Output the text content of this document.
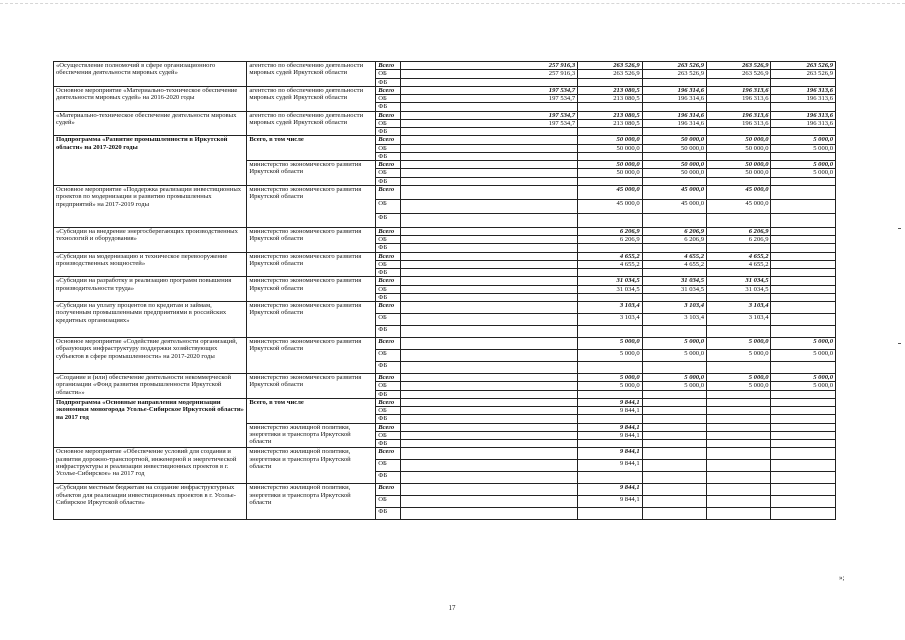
«Осуществление полномочий в сфере организационного обеспечения деятельности мировых судей»	агентство по обеспечению деятельности мировых судей Иркутской области	Всего	257 916,3	263 526,9	263 526,9	263 526,9	263 526,9
		ОБ	257 916,3	263 526,9	263 526,9	263 526,9	263 526,9
		ФБ					
Основное мероприятие «Материально-техническое обеспечение деятельности мировых судей» на 2016-2020 годы	агентство по обеспечению деятельности мировых судей Иркутской области	Всего	197 534,7	213 080,5	196 314,6	196 313,6	196 313,6
		ОБ	197 534,7	213 080,5	196 314,6	196 313,6	196 313,6
		ФБ					
«Материально-техническое обеспечение деятельности мировых судей»	агентство по обеспечению деятельности мировых судей Иркутской области	Всего	197 534,7	213 080,5	196 314,6	196 313,6	196 313,6
		ОБ	197 534,7	213 080,5	196 314,6	196 313,6	196 313,6
		ФБ					
Подпрограмма «Развитие промышленности в Иркутской области» на 2017-2020 годы	Всего, в том числе	Всего		50 000,0	50 000,0	50 000,0	5 000,0
		ОБ		50 000,0	50 000,0	50 000,0	5 000,0
		ФБ					
	министерство экономического развития Иркутской области	Всего		50 000,0	50 000,0	50 000,0	5 000,0
		ОБ		50 000,0	50 000,0	50 000,0	5 000,0
		ФБ					
Основное мероприятие «Поддержка реализации инвестиционных проектов по модернизации и развитию промышленных предприятий» на 2017-2019 годы	министерство экономического развития Иркутской области	Всего		45 000,0	45 000,0	45 000,0	
		ОБ		45 000,0	45 000,0	45 000,0	
		ФБ					
«Субсидии на внедрение энергосберегающих производственных технологий и оборудования»	министерство экономического развития Иркутской области	Всего		6 206,9	6 206,9	6 206,9	
		ОБ		6 206,9	6 206,9	6 206,9	
		ФБ					
«Субсидии на модернизацию и техническое перевооружение производственных мощностей»	министерство экономического развития Иркутской области	Всего		4 655,2	4 655,2	4 655,2	
		ОБ		4 655,2	4 655,2	4 655,2	
		ФБ					
«Субсидии на разработку и реализацию программ повышения производительности труда»	министерство экономического развития Иркутской области	Всего		31 034,5	31 034,5	31 034,5	
		ОБ		31 034,5	31 034,5	31 034,5	
		ФБ					
«Субсидии на уплату процентов по кредитам и займам, полученным промышленными предприятиями в российских кредитных организациях»	министерство экономического развития Иркутской области	Всего		3 103,4	3 103,4	3 103,4	
		ОБ		3 103,4	3 103,4	3 103,4	
		ФБ					
Основное мероприятие «Содействие деятельности организаций, образующих инфраструктуру поддержки хозяйствующих субъектов в сфере промышленности» на 2017-2020 годы	министерство экономического развития Иркутской области	Всего		5 000,0	5 000,0	5 000,0	5 000,0
		ОБ		5 000,0	5 000,0	5 000,0	5 000,0
		ФБ					
«Создание и (или) обеспечение деятельности некоммерческой организации «Фонд развития промышленности Иркутской области»»	министерство экономического развития Иркутской области	Всего		5 000,0	5 000,0	5 000,0	5 000,0
		ОБ		5 000,0	5 000,0	5 000,0	5 000,0
		ФБ					
Подпрограмма «Основные направления модернизации экономики моногорода Усолье-Сибирское Иркутской области» на 2017 год	Всего, в том числе	Всего		9 844,1			
		ОБ		9 844,1			
		ФБ					
	министерство жилищной политики, энергетики и транспорта Иркутской области	Всего		9 844,1			
		ОБ		9 844,1			
		ФБ					
Основное мероприятие «Обеспечение условий для создания и развития дорожно-транспортной, инженерной и энергетической инфраструктуры и реализации инвестиционных проектов в г. Усолье-Сибирское» на 2017 год	министерство жилищной политики, энергетики и транспорта Иркутской области	Всего		9 844,1			
		ОБ		9 844,1			
		ФБ					
«Субсидии местным бюджетам на создание инфраструктурных объектов для реализации инвестиционных проектов в г. Усолье-Сибирское Иркутской области»	министерство жилищной политики, энергетики и транспорта Иркутской области	Всего		9 844,1			
		ОБ		9 844,1			
		ФБ					
»;
17
